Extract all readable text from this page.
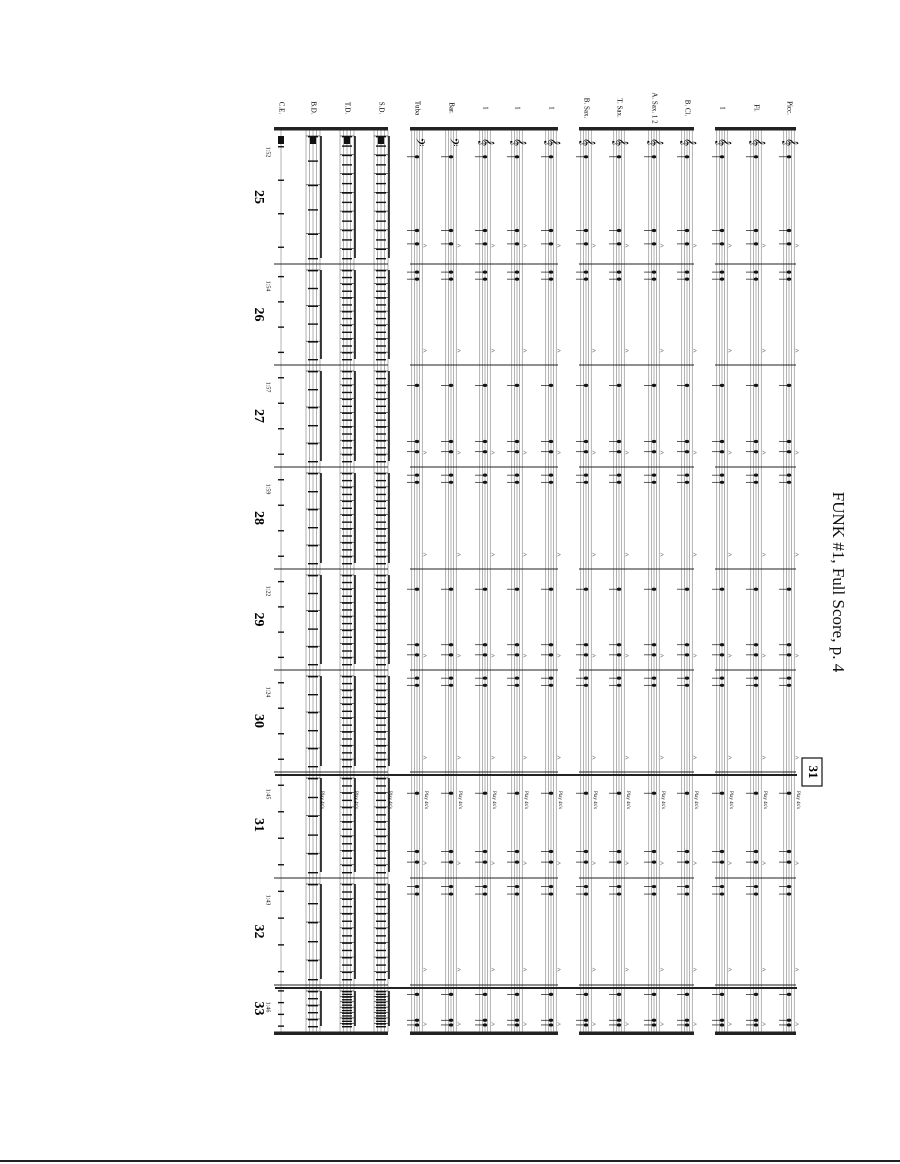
>
>
>
>
>
>
>
>
>
>
>
>
>
>
>
>
>
>
>
>
>
>
>
>
>
>
>
>
>
>
>
>
>
>
>
>
>
>
>
>
>
>
>
>
>
>
>
>
>
>
>
>
>
>
>
>
>
>
>
>
>
>
>
>
>
>
>
>
>
>
>
>
>
>
>
>
>
>
>
>
>
>
>
>
>
>
>
>
>
>
>
>
>
>
>
>
>
>
>
>
>
>
>
>
>
>
>
>
Picc.
Fl.
1
B. Cl.
A. Sax. 1 2
T. Sax.
B. Sax.
1
1
1
Bar.
Tuba
S.D.
T.D.
B.D.
C.E.
𝄞
𝄞
𝄞
𝄞
𝄞
𝄞
𝄞
𝄞
𝄞
𝄞
𝄢
𝄢
25
26
27
28
29
30
31
32
33
1:52
1:54
1:57
1:59
1:22
1:24
1:45
1:43
1:46
31
Play 4x's
Play 4x's
Play 4x's
Play 4x's
Play 4x's
Play 4x's
Play 4x's
Play 4x's
Play 4x's
Play 4x's
Play 4x's
Play 4x's
Play 4x's
Play 4x's
Play 4x's
FUNK #1, Full Score, p. 4
